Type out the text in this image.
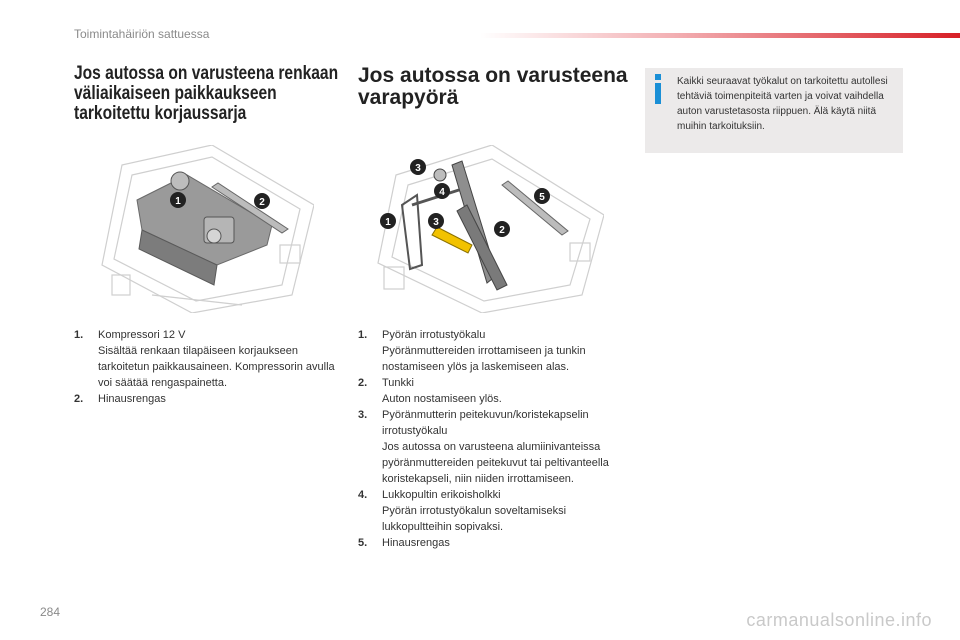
Toimintahäiriön sattuessa
Jos autossa on varusteena renkaan väliaikaiseen paikkaukseen tarkoitettu korjaussarja
Jos autossa on varusteena varapyörä
Kaikki seuraavat työkalut on tarkoitettu autollesi tehtäviä toimenpiteitä varten ja voivat vaihdella auton varustetasosta riippuen. Älä käytä niitä muihin tarkoituksiin.
1	2
3
4
1	3
2
5
1.	Kompressori 12 V
Sisältää renkaan tilapäiseen korjaukseen tarkoitetun paikkausaineen. Kompressorin avulla voi säätää rengaspainetta.
2.	Hinausrengas
1.	Pyörän irrotustyökalu
Pyöränmuttereiden irrottamiseen ja tunkin nostamiseen ylös ja laskemiseen alas.
2.	Tunkki
Auton nostamiseen ylös.
3.	Pyöränmutterin peitekuvun/koristekapselin irrotustyökalu
Jos autossa on varusteena alumiinivanteissa pyöränmuttereiden peitekuvut tai peltivanteella koristekapseli, niin niiden irrottamiseen.
4.	Lukkopultin erikoisholkki
Pyörän irrotustyökalun soveltamiseksi lukkopultteihin sopivaksi.
5.	Hinausrengas
284	carmanualsonline.info
